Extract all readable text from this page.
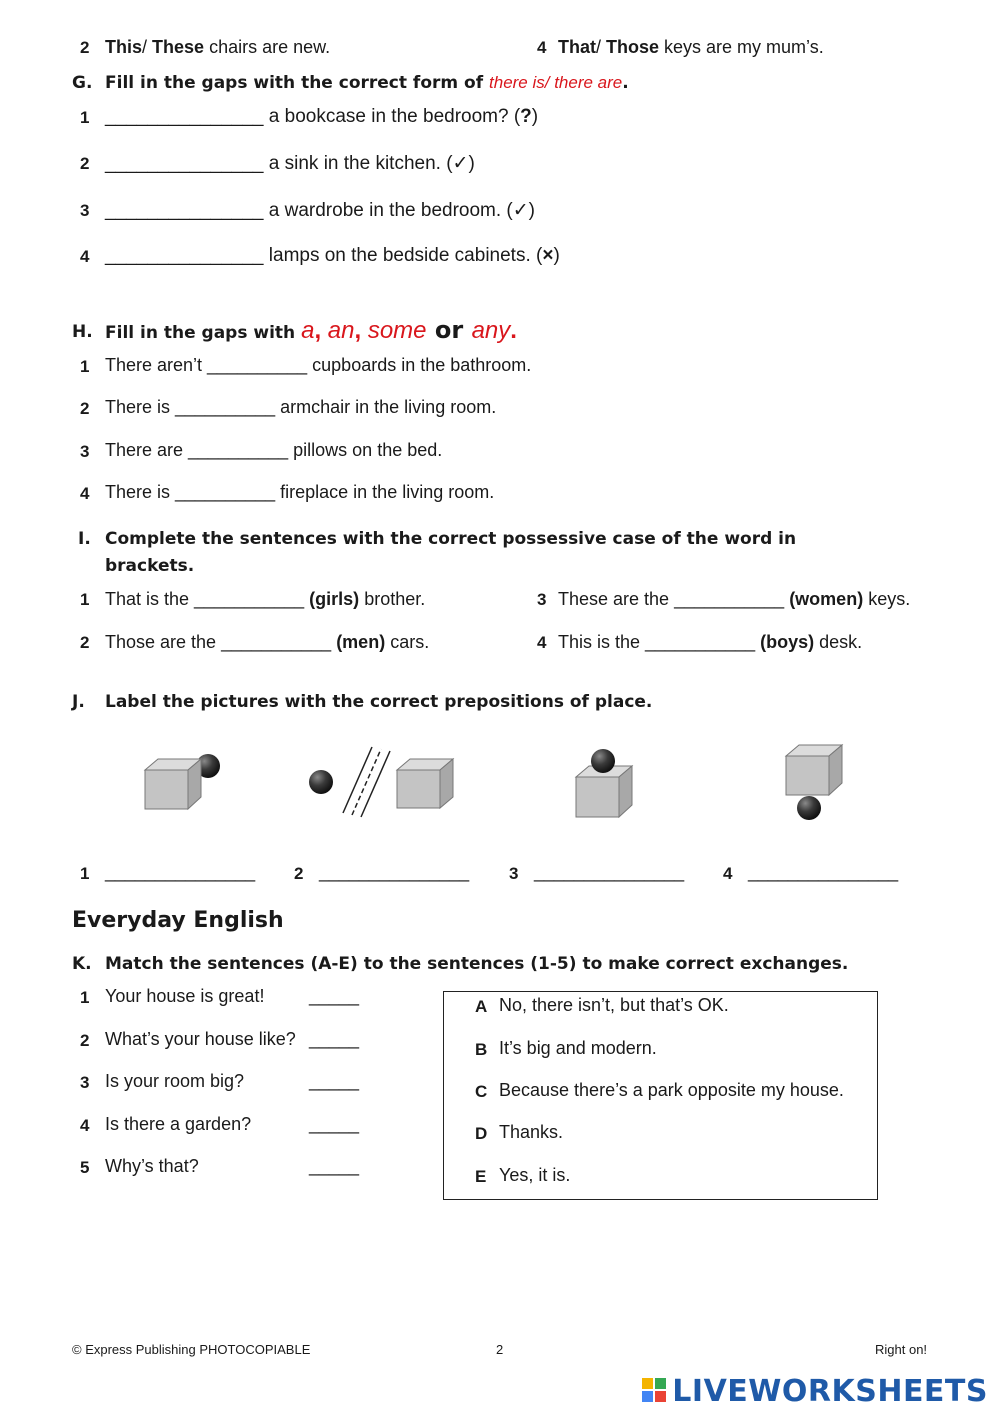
2 This/ These chairs are new.	4 That/ Those keys are my mum’s.
G. Fill in the gaps with the correct form of there is/ there are.
1 _______________ a bookcase in the bedroom? (?)
2 _______________ a sink in the kitchen. (✓)
3 _______________ a wardrobe in the bedroom. (✓)
4 _______________ lamps on the bedside cabinets. (×)
H. Fill in the gaps with a, an, some or any.
1 There aren’t __________ cupboards in the bathroom.
2 There is __________ armchair in the living room.
3 There are __________ pillows on the bed.
4 There is __________ fireplace in the living room.
I. Complete the sentences with the correct possessive case of the word in
brackets.
1 That is the ___________ (girls) brother.	3 These are the ___________ (women) keys.
2 Those are the ___________ (men) cars.	4 This is the ___________ (boys) desk.
J. Label the pictures with the correct prepositions of place.
1 _______________ 2 _______________ 3 _______________ 4 _______________
Everyday English
K. Match the sentences (A-E) to the sentences (1-5) to make correct exchanges.
1 Your house is great! _____
2 What’s your house like? _____
3 Is your room big?	_____
4 Is there a garden?	_____
5 Why’s that?	_____
A No, there isn’t, but that’s OK.
B It’s big and modern.
C Because there’s a park opposite my house.
D Thanks.
E Yes, it is.
© Express Publishing PHOTOCOPIABLE	2	Right on!
LIVEWORKSHEETS
